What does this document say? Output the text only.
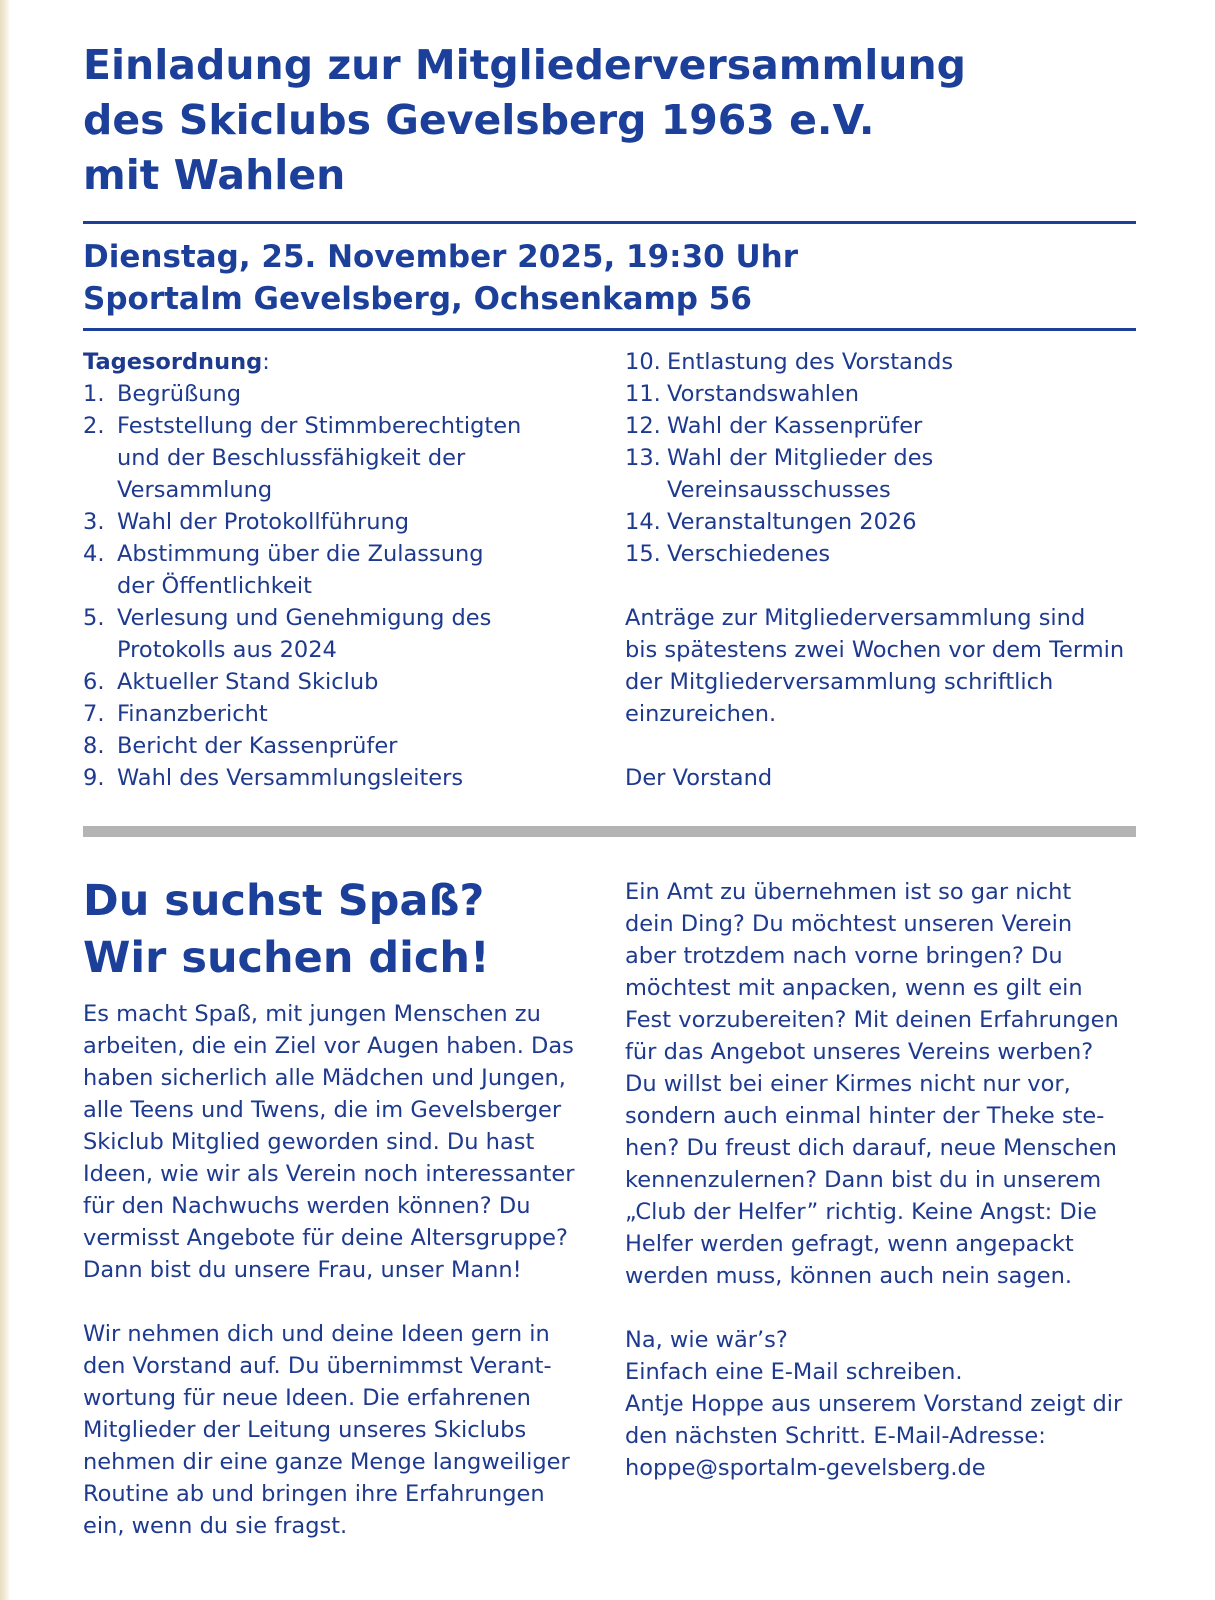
Einladung zur Mitgliederversammlung
des Skiclubs Gevelsberg 1963 e.V.
mit Wahlen
Dienstag, 25. November 2025, 19:30 Uhr
Sportalm Gevelsberg, Ochsenkamp 56
Tagesordnung:
1. Begrüßung
2. Feststellung der Stimmberechtigten
und der Beschlussfähigkeit der
Versammlung
3. Wahl der Protokollführung
4. Abstimmung über die Zulassung
der Öffentlichkeit
5. Verlesung und Genehmigung des
Protokolls aus 2024
6. Aktueller Stand Skiclub
7. Finanzbericht
8. Bericht der Kassenprüfer
9. Wahl des Versammlungsleiters
10. Entlastung des Vorstands
11. Vorstandswahlen
12. Wahl der Kassenprüfer
13. Wahl der Mitglieder des
Vereinsausschusses
14. Veranstaltungen 2026
15. Verschiedenes

Anträge zur Mitgliederversammlung sind
bis spätestens zwei Wochen vor dem Termin
der Mitgliederversammlung schriftlich
einzureichen.

Der Vorstand

Du suchst Spaß?
Wir suchen dich!

Es macht Spaß, mit jungen Menschen zu
arbeiten, die ein Ziel vor Augen haben. Das
haben sicherlich alle Mädchen und Jungen,
alle Teens und Twens, die im Gevelsberger
Skiclub Mitglied geworden sind. Du hast
Ideen, wie wir als Verein noch interessanter
für den Nachwuchs werden können? Du
vermisst Angebote für deine Altersgruppe?
Dann bist du unsere Frau, unser Mann!

Wir nehmen dich und deine Ideen gern in
den Vorstand auf. Du übernimmst Verant-
wortung für neue Ideen. Die erfahrenen
Mitglieder der Leitung unseres Skiclubs
nehmen dir eine ganze Menge langweiliger
Routine ab und bringen ihre Erfahrungen
ein, wenn du sie fragst.

Ein Amt zu übernehmen ist so gar nicht
dein Ding? Du möchtest unseren Verein
aber trotzdem nach vorne bringen? Du
möchtest mit anpacken, wenn es gilt ein
Fest vorzubereiten? Mit deinen Erfahrungen
für das Angebot unseres Vereins werben?
Du willst bei einer Kirmes nicht nur vor,
sondern auch einmal hinter der Theke ste-
hen? Du freust dich darauf, neue Menschen
kennenzulernen? Dann bist du in unserem
„Club der Helfer” richtig. Keine Angst: Die
Helfer werden gefragt, wenn angepackt
werden muss, können auch nein sagen.

Na, wie wär’s?
Einfach eine E-Mail schreiben.
Antje Hoppe aus unserem Vorstand zeigt dir
den nächsten Schritt. E-Mail-Adresse:
hoppe@sportalm-gevelsberg.de
